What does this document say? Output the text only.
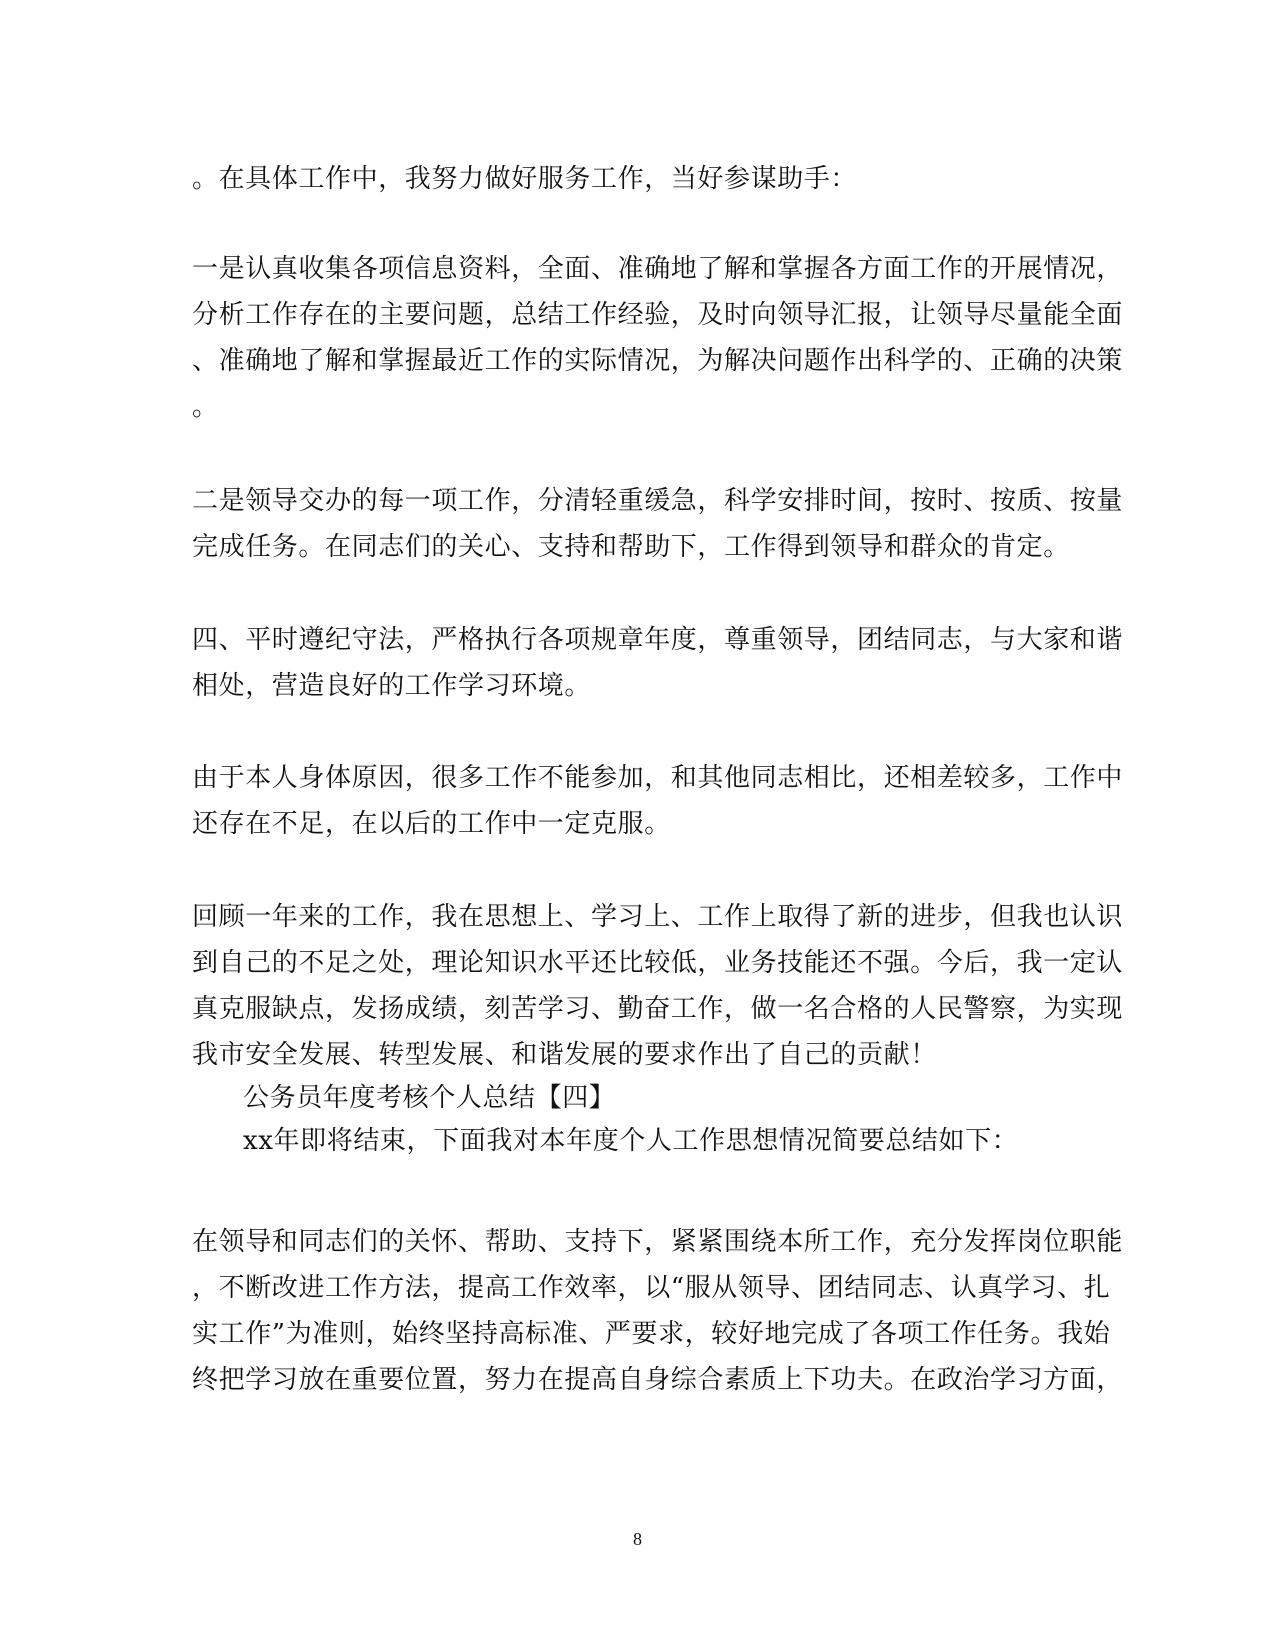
。在具体工作中，我努力做好服务工作，当好参谋助手：
一是认真收集各项信息资料，全面、准确地了解和掌握各方面工作的开展情况，
分析工作存在的主要问题，总结工作经验，及时向领导汇报，让领导尽量能全面
、准确地了解和掌握最近工作的实际情况，为解决问题作出科学的、正确的决策
。
二是领导交办的每一项工作，分清轻重缓急，科学安排时间，按时、按质、按量
完成任务。在同志们的关心、支持和帮助下，工作得到领导和群众的肯定。
四、平时遵纪守法，严格执行各项规章年度，尊重领导，团结同志，与大家和谐
相处，营造良好的工作学习环境。
由于本人身体原因，很多工作不能参加，和其他同志相比，还相差较多，工作中
还存在不足，在以后的工作中一定克服。
回顾一年来的工作，我在思想上、学习上、工作上取得了新的进步，但我也认识
到自己的不足之处，理论知识水平还比较低，业务技能还不强。今后，我一定认
真克服缺点，发扬成绩，刻苦学习、勤奋工作，做一名合格的人民警察，为实现
我市安全发展、转型发展、和谐发展的要求作出了自己的贡献！
公务员年度考核个人总结【四】
xx年即将结束，下面我对本年度个人工作思想情况简要总结如下：
在领导和同志们的关怀、帮助、支持下，紧紧围绕本所工作，充分发挥岗位职能
，不断改进工作方法，提高工作效率，以“服从领导、团结同志、认真学习、扎
实工作”为准则，始终坚持高标准、严要求，较好地完成了各项工作任务。我始
终把学习放在重要位置，努力在提高自身综合素质上下功夫。在政治学习方面，
8
